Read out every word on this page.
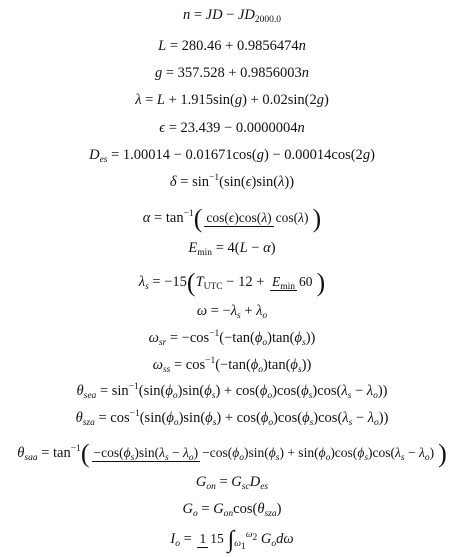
n = JD − $JD_{2000.0}$
L = 280.46 + 0.9856474n
g = 357.528 + 0.9856003n
λ = L + 1.915sin(g) + 0.02sin(2g)
ϵ = 23.439 − 0.0000004n
$D_{es} = 1.00014 - 0.01671\cos(g) - 0.00014\cos(2g)$
$\delta = \sin^{-1}(\sin(\epsilon)\sin(\lambda))$
$\alpha = \tan^{-1}$( cos(ϵ)cos(λ) cos(λ) )
$E_{min} = 4(L - \alpha)$
$\lambda_s = -15(T_{UTC} - 12 + E_{min}$ 60 )
$\omega = -\lambda_s + \lambda_o$
$\omega_{sr} = -\cos^{-1}(-\tan(\phi_o)\tan(\phi_s))$
$\omega_{ss} = \cos^{-1}(-\tan(\phi_o)\tan(\phi_s))$
$\theta_{sea} = \sin^{-1}(\sin(\phi_o)\sin(\phi_s) + \cos(\phi_o)\cos(\phi_s)\cos(\lambda_s - \lambda_o))$
$\theta_{sza} = \cos^{-1}(\sin(\phi_o)\sin(\phi_s) + \cos(\phi_o)\cos(\phi_s)\cos(\lambda_s - \lambda_o))$
$\theta_{saa} = \tan^{-1}( -\cos(\phi_s)\sin(\lambda_s - \lambda_o) -\cos(\phi_o)\sin(\phi_s) + \sin(\phi_o)\cos(\phi_s)\cos(\lambda_s - \lambda_o)$ )
$G_{on} = G_{sc}D_{es}$
$G_o = G_{on}\cos(\theta_{sza})$
$I_o = 1$ 15 $\int_{\omega_1}^{\omega_2}$ $G_od\omega$
